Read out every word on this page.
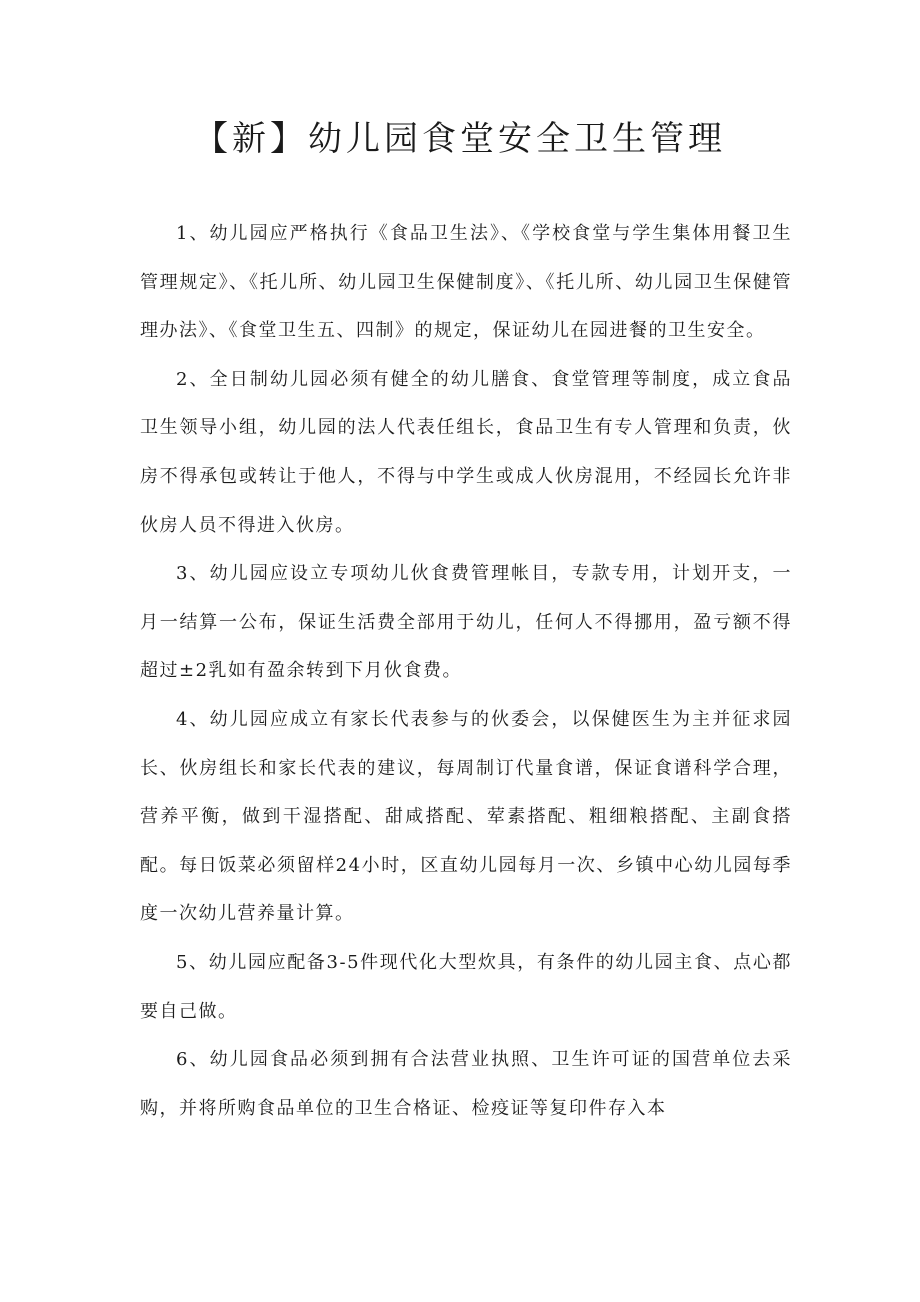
【新】幼儿园食堂安全卫生管理

1、幼儿园应严格执行《食品卫生法》、《学校食堂与学生集体用餐卫生管理规定》、《托儿所、幼儿园卫生保健制度》、《托儿所、幼儿园卫生保健管理办法》、《食堂卫生五、四制》的规定，保证幼儿在园进餐的卫生安全。

2、全日制幼儿园必须有健全的幼儿膳食、食堂管理等制度，成立食品卫生领导小组，幼儿园的法人代表任组长，食品卫生有专人管理和负责，伙房不得承包或转让于他人，不得与中学生或成人伙房混用，不经园长允许非伙房人员不得进入伙房。

3、幼儿园应设立专项幼儿伙食费管理帐目，专款专用，计划开支，一月一结算一公布，保证生活费全部用于幼儿，任何人不得挪用，盈亏额不得超过±2乳如有盈余转到下月伙食费。

4、幼儿园应成立有家长代表参与的伙委会，以保健医生为主并征求园长、伙房组长和家长代表的建议，每周制订代量食谱，保证食谱科学合理，营养平衡，做到干湿搭配、甜咸搭配、荤素搭配、粗细粮搭配、主副食搭配。每日饭菜必须留样24小时，区直幼儿园每月一次、乡镇中心幼儿园每季度一次幼儿营养量计算。

5、幼儿园应配备3-5件现代化大型炊具，有条件的幼儿园主食、点心都要自己做。

6、幼儿园食品必须到拥有合法营业执照、卫生许可证的国营单位去采购，并将所购食品单位的卫生合格证、检疫证等复印件存入本
